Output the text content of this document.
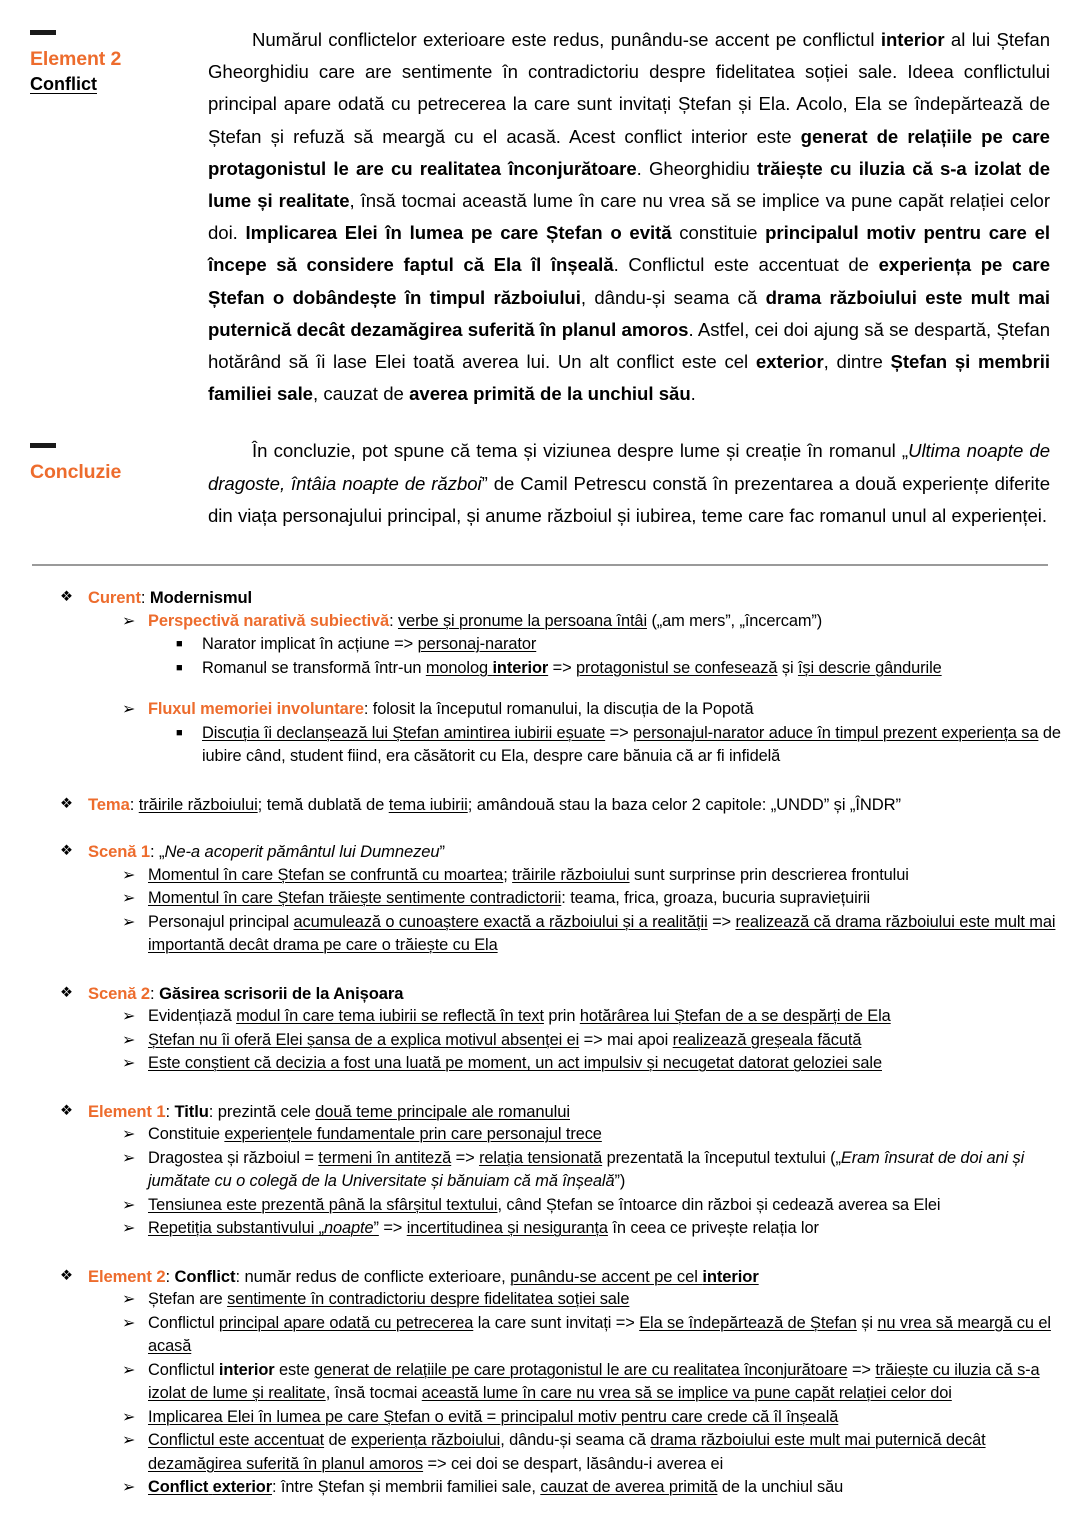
Element 2
Conflict
Numărul conflictelor exterioare este redus, punându-se accent pe conflictul interior al lui Ștefan Gheorghidiu care are sentimente în contradictoriu despre fidelitatea soției sale. Ideea conflictului principal apare odată cu petrecerea la care sunt invitați Ștefan și Ela. Acolo, Ela se îndepărtează de Ștefan și refuză să meargă cu el acasă. Acest conflict interior este generat de relațiile pe care protagonistul le are cu realitatea înconjurătoare. Gheorghidiu trăiește cu iluzia că s-a izolat de lume și realitate, însă tocmai această lume în care nu vrea să se implice va pune capăt relației celor doi. Implicarea Elei în lumea pe care Ștefan o evită constituie principalul motiv pentru care el începe să considere faptul că Ela îl înșeală. Conflictul este accentuat de experiența pe care Ștefan o dobândește în timpul războiului, dându-și seama că drama războiului este mult mai puternică decât dezamăgirea suferită în planul amoros. Astfel, cei doi ajung să se despartă, Ștefan hotărând să îi lase Elei toată averea lui. Un alt conflict este cel exterior, dintre Ștefan și membrii familiei sale, cauzat de averea primită de la unchiul său.
Concluzie
În concluzie, pot spune că tema și viziunea despre lume și creație în romanul „Ultima noapte de dragoste, întâia noapte de război” de Camil Petrescu constă în prezentarea a două experiențe diferite din viața personajului principal, și anume războiul și iubirea, teme care fac romanul unul al experienței.
❖ Curent: Modernismul
➢ Perspectivă narativă subiectivă: verbe și pronume la persoana întâi („am mers”, „încercam”)
■	Narator implicat în acțiune => personaj-narator
■	Romanul se transformă într-un monolog interior => protagonistul se confesează și își descrie gândurile
➢ Fluxul memoriei involuntare: folosit la începutul romanului, la discuția de la Popotă
■	Discuția îi declanșează lui Ștefan amintirea iubirii eșuate => personajul-narator aduce în timpul prezent experiența sa de iubire când, student fiind, era căsătorit cu Ela, despre care bănuia că ar fi infidelă
❖ Tema: trăirile războiului; temă dublată de tema iubirii; amândouă stau la baza celor 2 capitole: „UNDD” și „ÎNDR”
❖ Scenă 1: „Ne-a acoperit pământul lui Dumnezeu”
➢ Momentul în care Ștefan se confruntă cu moartea; trăirile războiului sunt surprinse prin descrierea frontului
➢ Momentul în care Ștefan trăiește sentimente contradictorii: teama, frica, groaza, bucuria supraviețuirii
➢ Personajul principal acumulează o cunoaștere exactă a războiului și a realității => realizează că drama războiului este mult mai importantă decât drama pe care o trăiește cu Ela
❖ Scenă 2: Găsirea scrisorii de la Anișoara
➢ Evidențiază modul în care tema iubirii se reflectă în text prin hotărârea lui Ștefan de a se despărți de Ela
➢ Ștefan nu îi oferă Elei șansa de a explica motivul absenței ei => mai apoi realizează greșeala făcută
➢ Este conștient că decizia a fost una luată pe moment, un act impulsiv și necugetat datorat geloziei sale
❖ Element 1: Titlu: prezintă cele două teme principale ale romanului
➢ Constituie experiențele fundamentale prin care personajul trece
➢ Dragostea și războiul = termeni în antiteză => relația tensionată prezentată la începutul textului („Eram însurat de doi ani și jumătate cu o colegă de la Universitate și bănuiam că mă înșeală”)
➢ Tensiunea este prezentă până la sfârșitul textului, când Ștefan se întoarce din război și cedează averea sa Elei
➢ Repetiția substantivului „noapte” => incertitudinea și nesiguranța în ceea ce privește relația lor
❖ Element 2: Conflict: număr redus de conflicte exterioare, punându-se accent pe cel interior
➢ Ștefan are sentimente în contradictoriu despre fidelitatea soției sale
➢ Conflictul principal apare odată cu petrecerea la care sunt invitați => Ela se îndepărtează de Ștefan și nu vrea să meargă cu el acasă
➢ Conflictul interior este generat de relațiile pe care protagonistul le are cu realitatea înconjurătoare => trăiește cu iluzia că s-a izolat de lume și realitate, însă tocmai această lume în care nu vrea să se implice va pune capăt relației celor doi
➢ Implicarea Elei în lumea pe care Ștefan o evită = principalul motiv pentru care crede că îl înșeală
➢ Conflictul este accentuat de experiența războiului, dându-și seama că drama războiului este mult mai puternică decât dezamăgirea suferită în planul amoros => cei doi se despart, lăsându-i averea ei
➢ Conflict exterior: între Ștefan și membrii familiei sale, cauzat de averea primită de la unchiul său
